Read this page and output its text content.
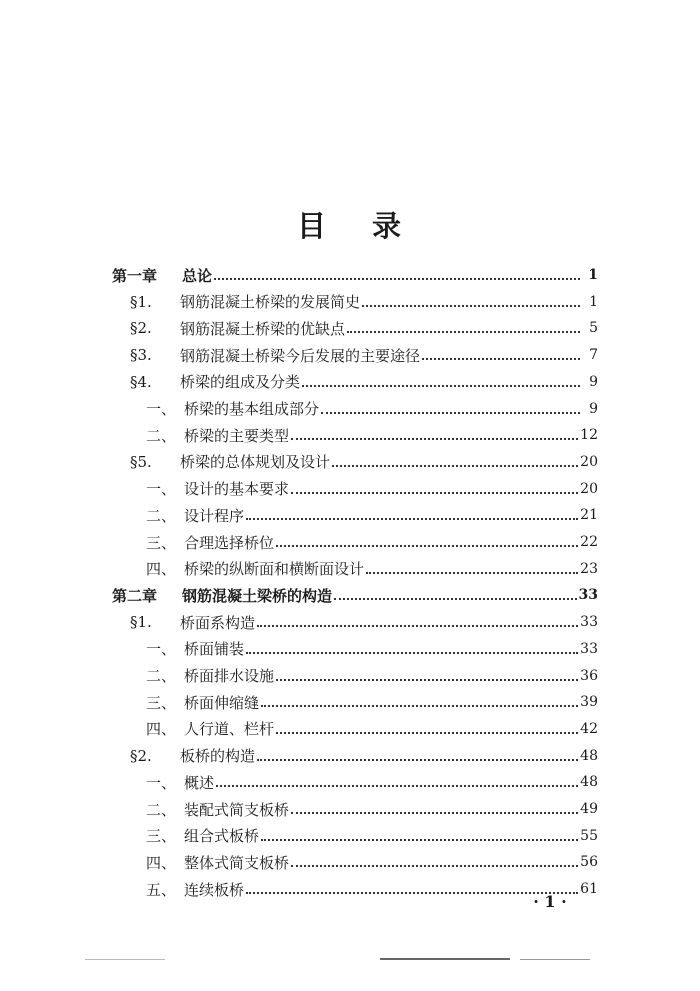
目 录
第一章	总论	1
§1.	钢筋混凝土桥梁的发展简史	1
§2.	钢筋混凝土桥梁的优缺点	5
§3.	钢筋混凝土桥梁今后发展的主要途径	7
§4.	桥梁的组成及分类	9
一、 桥梁的基本组成部分	9
二、 桥梁的主要类型	12
§5.	桥梁的总体规划及设计	20
一、 设计的基本要求	20
二、 设计程序	21
三、 合理选择桥位	22
四、 桥梁的纵断面和横断面设计	23
第二章	钢筋混凝土梁桥的构造	33
§1.	桥面系构造	33
一、 桥面铺装	33
二、 桥面排水设施	36
三、 桥面伸缩缝	39
四、 人行道、栏杆	42
§2.	板桥的构造	48
一、 概述	48
二、 装配式简支板桥	49
三、 组合式板桥	55
四、 整体式简支板桥	56
五、 连续板桥	61
· 1 ·
